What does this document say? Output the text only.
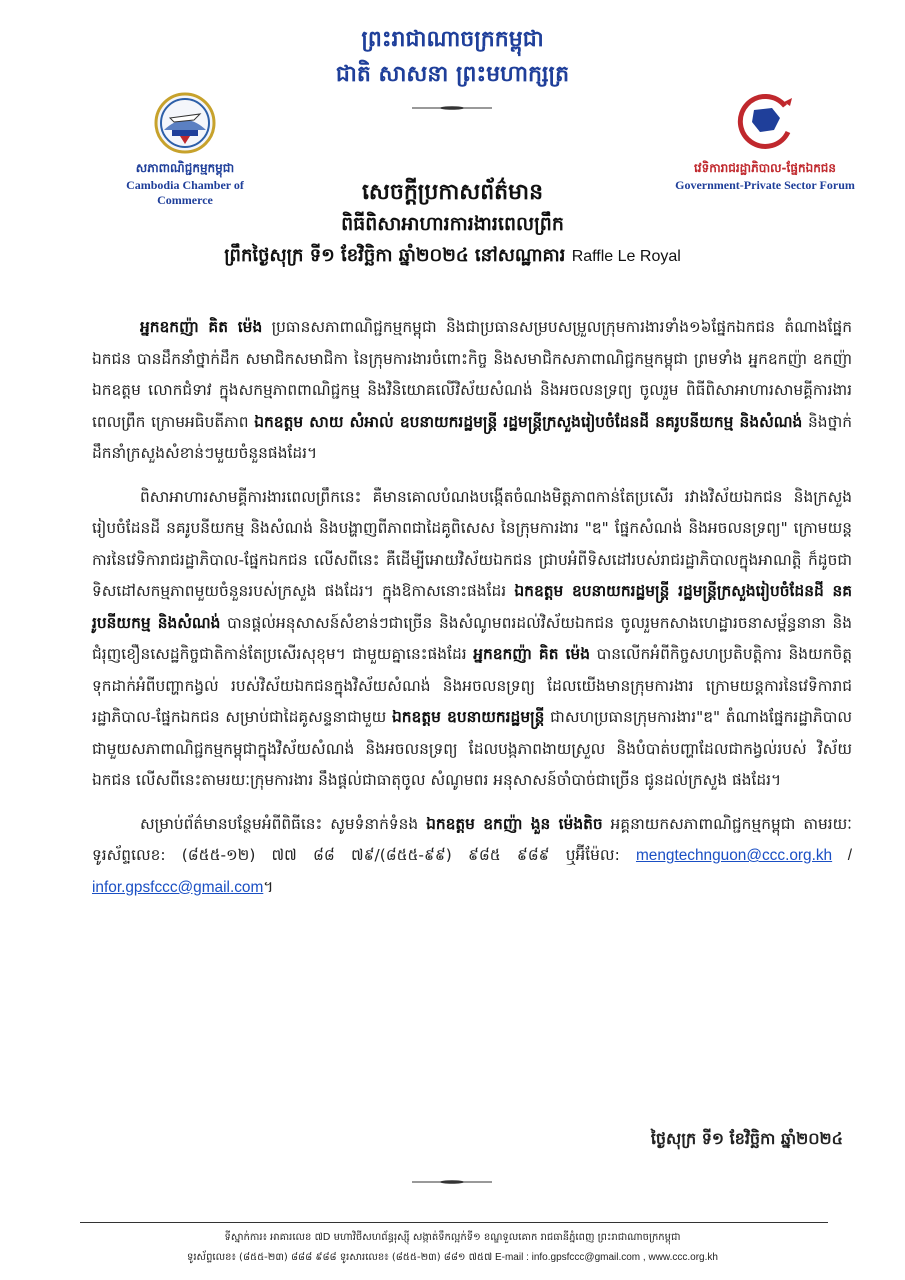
ព្រះរាជាណាចក្រកម្ពុជា
ជាតិ សាសនា ព្រះមហាក្សត្រ
សភាពាណិជ្ជកម្មកម្ពុជា
Cambodia Chamber of Commerce
វេទិការាជរដ្ឋាភិបាល-ផ្នែកឯកជន
Government-Private Sector Forum
សេចក្ដីប្រកាសព័ត៌មាន
ពិធីពិសាអាហារការងារពេលព្រឹក
ព្រឹកថ្ងៃសុក្រ ទី១ ខែវិច្ឆិកា ឆ្នាំ២០២៤ នៅសណ្ឋាគារ Raffle Le Royal

អ្នកឧកញ៉ា គិត ម៉េង ប្រធានសភាពាណិជ្ជកម្មកម្ពុជា និងជាប្រធានសម្របសម្រួលក្រុមការងារទាំង១៦ផ្នែកឯកជន តំណាងផ្នែកឯកជន បានដឹកនាំថ្នាក់ដឹក សមាជិកសមាជិកា នៃក្រុមការងារចំពោះកិច្ច និងសមាជិកសភាពាណិជ្ជកម្មកម្ពុជា ព្រមទាំង អ្នកឧកញ៉ា ឧកញ៉ា ឯកឧត្តម លោកជំទាវ ក្នុងសកម្មភាពពាណិជ្ជកម្ម និងវិនិយោគលើវិស័យសំណង់ និងអចលនទ្រព្យ ចូលរួម ពិធីពិសាអាហារសាមគ្គីការងារពេលព្រឹក ក្រោមអធិបតីភាព ឯកឧត្តម សាយ សំអាល់ ឧបនាយករដ្ឋមន្ត្រី រដ្ឋមន្ត្រីក្រសួងរៀបចំដែនដី នគរូបនីយកម្ម និងសំណង់ និងថ្នាក់ដឹកនាំក្រសួងសំខាន់ៗមួយចំនួនផងដែរ។

ពិសាអាហារសាមគ្គីការងារពេលព្រឹកនេះ គឺមានគោលបំណងបង្កើតចំណងមិត្តភាពកាន់តែប្រសើរ រវាងវិស័យឯកជន និងក្រសួងរៀបចំដែនដី នគរូបនីយកម្ម និងសំណង់ និងបង្ហាញពីភាពជាដៃគូពិសេស នៃក្រុមការងារ "ឌ" ផ្នែកសំណង់ និងអចលនទ្រព្យ" ក្រោមយន្តការនៃវេទិការាជរដ្ឋាភិបាល-ផ្នែកឯកជន លើសពីនេះ គឺដើម្បីអោយវិស័យឯកជន ជ្រាបអំពីទិសដៅរបស់រាជរដ្ឋាភិបាលក្នុងអាណត្តិ ក៏ដូចជាទិសដៅសកម្មភាពមួយចំនួនរបស់ក្រសួង ផងដែរ។ ក្នុងឱកាសនោះផងដែរ ឯកឧត្តម ឧបនាយករដ្ឋមន្ត្រី រដ្ឋមន្ត្រីក្រសួងរៀបចំដែនដី នគរូបនីយកម្ម និងសំណង់ បានផ្តល់អនុសាសន៍សំខាន់ៗជាច្រើន និងសំណូមពរដល់វិស័យឯកជន ចូលរួមកសាងហេដ្ឋារចនាសម្ព័ន្ធនានា និងជំរុញខឿនសេដ្ឋកិច្ចជាតិកាន់តែប្រសើរសុខុម។ ជាមួយគ្នានេះផងដែរ អ្នកឧកញ៉ា គិត ម៉េង បានលើកអំពីកិច្ចសហប្រតិបត្តិការ និងយកចិត្តទុកដាក់អំពីបញ្ហាកង្វល់ របស់វិស័យឯកជនក្នុងវិស័យសំណង់ និងអចលនទ្រព្យ ដែលយើងមានក្រុមការងារ ក្រោមយន្តការនៃវេទិការាជរដ្ឋាភិបាល-ផ្នែកឯកជន សម្រាប់ជាដៃគូសន្ទនាជាមួយ ឯកឧត្តម ឧបនាយករដ្ឋមន្ត្រី ជាសហប្រធានក្រុមការងារ"ឌ" តំណាងផ្នែករដ្ឋាភិបាល ជាមួយសភាពាណិជ្ជកម្មកម្ពុជាក្នុងវិស័យសំណង់ និងអចលនទ្រព្យ ដែលបង្កភាពងាយស្រួល និងបំបាត់បញ្ហាដែលជាកង្វល់របស់ វិស័យឯកជន លើសពីនេះតាមរយៈក្រុមការងារ នឹងផ្តល់ជាធាតុចូល សំណូមពរ អនុសាសន៍ចាំបាច់ជាច្រើន ជូនដល់ក្រសួង ផងដែរ។

សម្រាប់ព័ត៌មានបន្ថែមអំពីពិធីនេះ សូមទំនាក់ទំនង ឯកឧត្តម ឧកញ៉ា ងួន ម៉េងតិច អគ្គនាយកសភាពាណិជ្ជកម្មកម្ពុជា តាមរយៈទូរស័ព្ទលេខ: (៨៥៥-១២) ៧៧ ៨៨ ៧៩/(៨៥៥-៩៩) ៩៨៥ ៩៨៩ ឬអ៊ីម៉ែល: mengtechnguon@ccc.org.kh / infor.gpsfccc@gmail.com។

ថ្ងៃសុក្រ ទី១ ខែវិច្ឆិកា ឆ្នាំ២០២៤
ទីស្នាក់ការ៖ អាគារលេខ ៧D មហាវិថីសហព័ន្ធរុស្ស៊ី សង្កាត់ទឹកល្អក់ទី១ ខណ្ឌទួលគោក រាជធានីភ្នំពេញ ព្រះរាជាណាចក្រកម្ពុជា
ទូរស័ព្ទលេខ៖ (៨៥៥-២៣) ៨៨៨ ៩៨៨ ទូរសារលេខ៖ (៨៥៥-២៣) ៨៨១ ៧៥៧ E-mail : info.gpsfccc@gmail.com , www.ccc.org.kh
